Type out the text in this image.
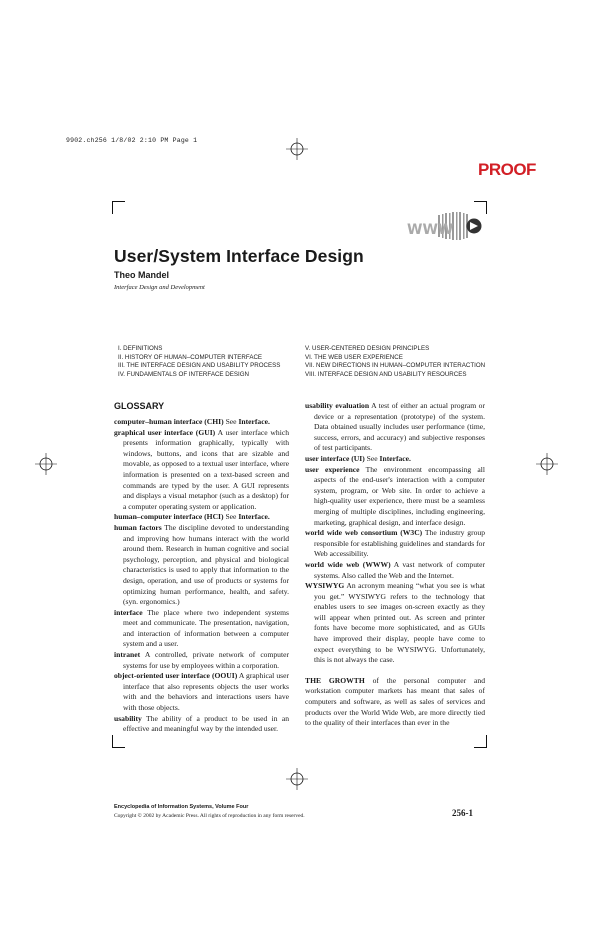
9902.ch256 1/8/02 2:10 PM Page 1
PROOF
WWW
User/System Interface Design
Theo Mandel
Interface Design and Development
I. DEFINITIONS
II. HISTORY OF HUMAN–COMPUTER INTERFACE
III. THE INTERFACE DESIGN AND USABILITY PROCESS
IV. FUNDAMENTALS OF INTERFACE DESIGN
V. USER-CENTERED DESIGN PRINCIPLES
VI. THE WEB USER EXPERIENCE
VII. NEW DIRECTIONS IN HUMAN–COMPUTER INTERACTION
VIII. INTERFACE DESIGN AND USABILITY RESOURCES
GLOSSARY

computer–human interface (CHI) See Interface.

graphical user interface (GUI) A user interface which presents information graphically, typically with windows, buttons, and icons that are sizable and movable, as opposed to a textual user interface, where information is presented on a text-based screen and commands are typed by the user. A GUI represents and displays a visual metaphor (such as a desktop) for a computer operating system or application.

human–computer interface (HCI) See Interface.

human factors The discipline devoted to understanding and improving how humans interact with the world around them. Research in human cognitive and social psychology, perception, and physical and biological characteristics is used to apply that information to the design, operation, and use of products or systems for optimizing human performance, health, and safety. (syn. ergonomics.)

interface The place where two independent systems meet and communicate. The presentation, navigation, and interaction of information between a computer system and a user.

intranet A controlled, private network of computer systems for use by employees within a corporation.

object-oriented user interface (OOUI) A graphical user interface that also represents objects the user works with and the behaviors and interactions users have with those objects.

usability The ability of a product to be used in an effective and meaningful way by the intended user.

usability evaluation A test of either an actual program or device or a representation (prototype) of the system. Data obtained usually includes user performance (time, success, errors, and accuracy) and subjective responses of test participants.

user interface (UI) See Interface.

user experience The environment encompassing all aspects of the end-user's interaction with a computer system, program, or Web site. In order to achieve a high-quality user experience, there must be a seamless merging of multiple disciplines, including engineering, marketing, graphical design, and interface design.

world wide web consortium (W3C) The industry group responsible for establishing guidelines and standards for Web accessibility.

world wide web (WWW) A vast network of computer systems. Also called the Web and the Internet.

WYSIWYG An acronym meaning “what you see is what you get.” WYSIWYG refers to the technology that enables users to see images on-screen exactly as they will appear when printed out. As screen and printer fonts have become more sophisticated, and as GUIs have improved their display, people have come to expect everything to be WYSIWYG. Unfortunately, this is not always the case.

THE GROWTH of the personal computer and workstation computer markets has meant that sales of computers and software, as well as sales of services and products over the World Wide Web, are more directly tied to the quality of their interfaces than ever in the

Encyclopedia of Information Systems, Volume Four
Copyright © 2002 by Academic Press. All rights of reproduction in any form reserved.	256-1
